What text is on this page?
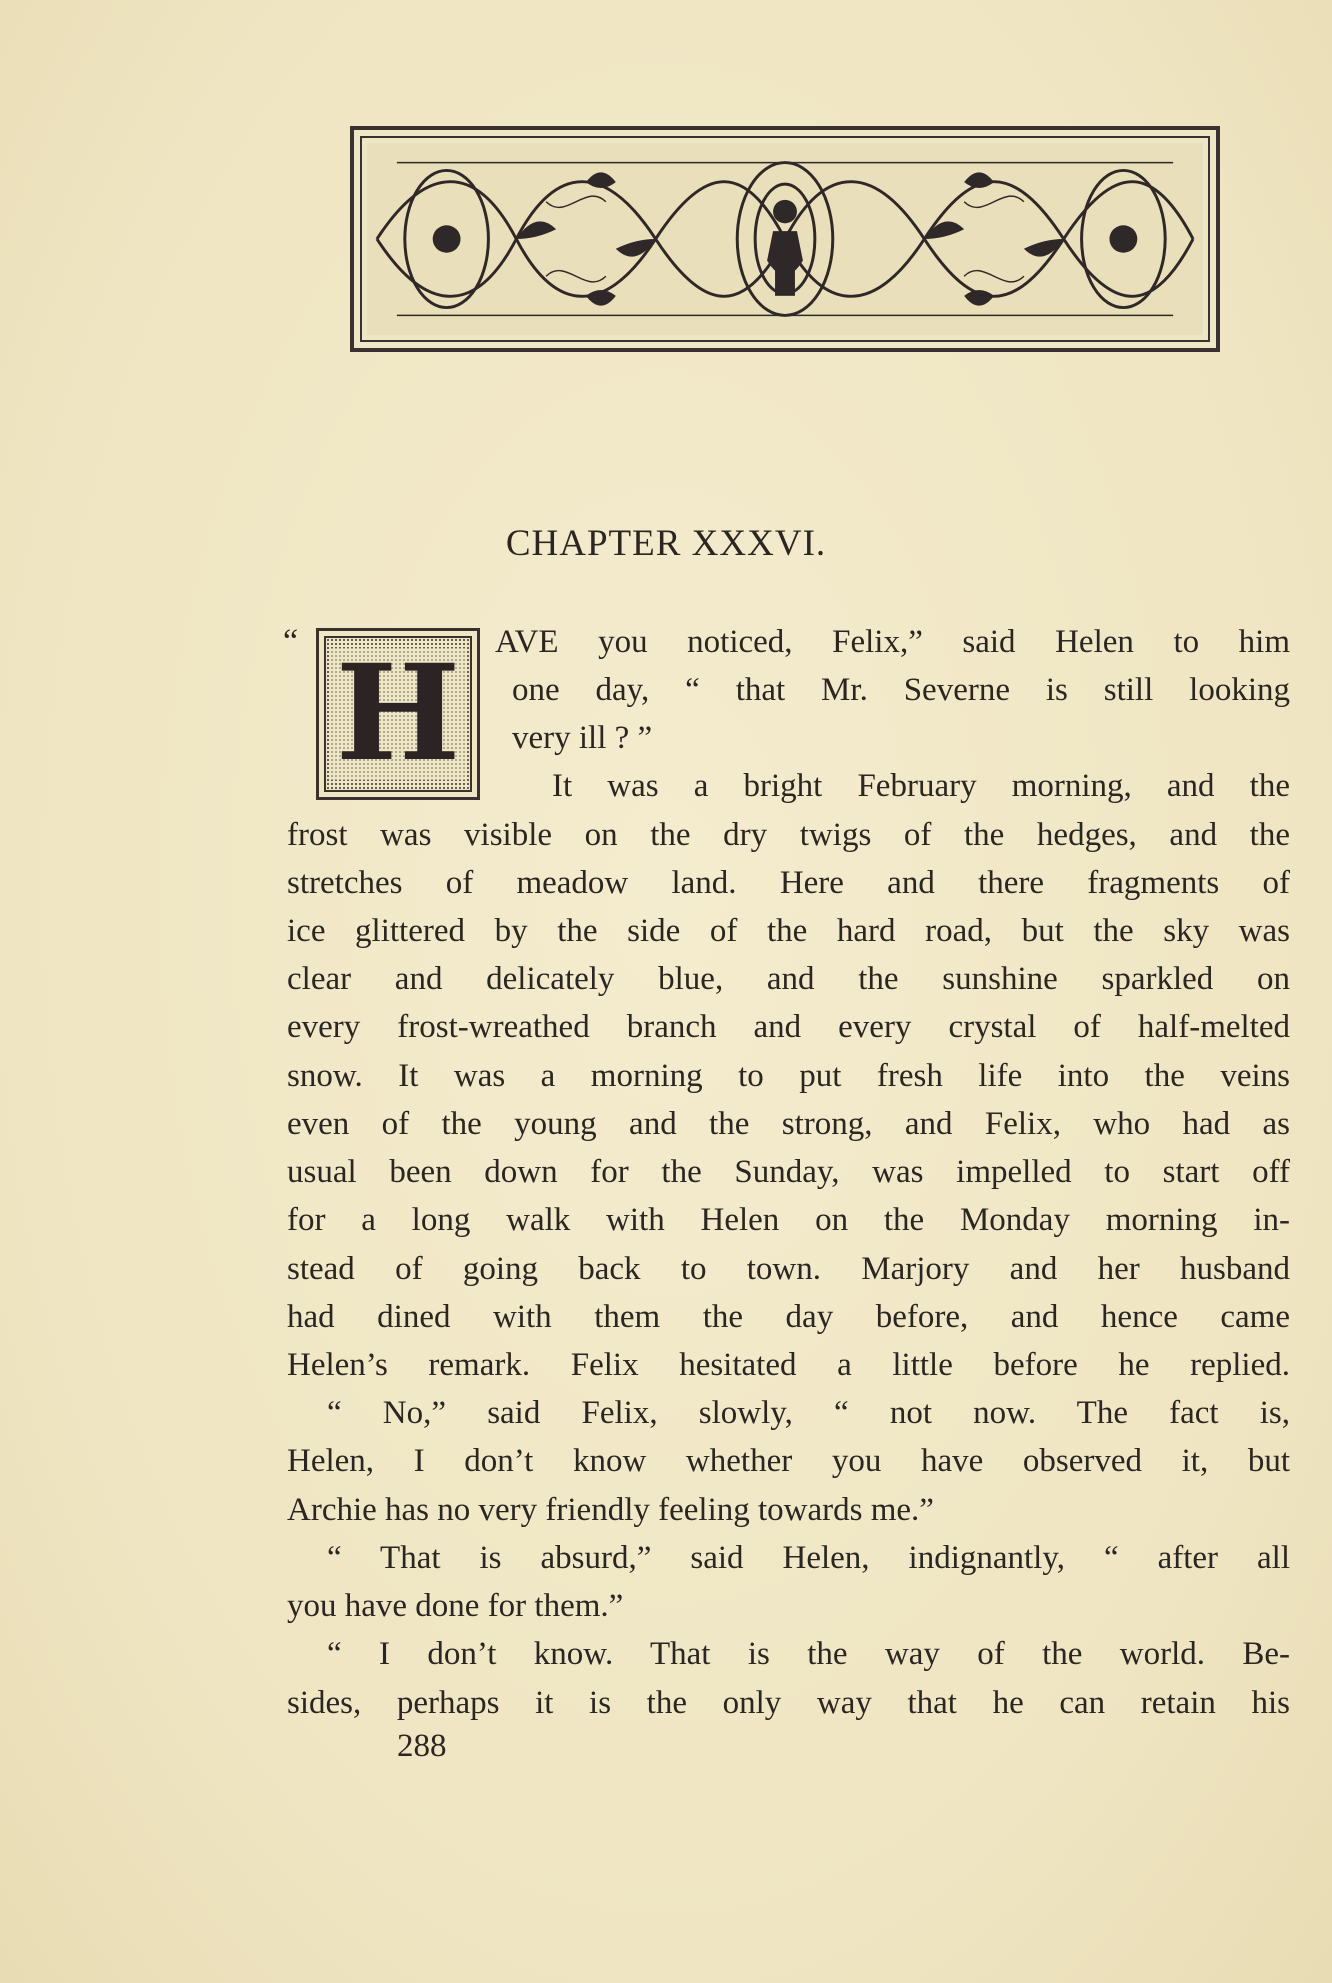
CHAPTER XXXVI.
“ H AVE you noticed, Felix,” said Helen to him
one day, “ that Mr. Severne is still looking
very ill ? ”
It was a bright February morning, and the
frost was visible on the dry twigs of the hedges, and the
stretches of meadow land. Here and there fragments of
ice glittered by the side of the hard road, but the sky was
clear and delicately blue, and the sunshine sparkled on
every frost-wreathed branch and every crystal of half-melted
snow. It was a morning to put fresh life into the veins
even of the young and the strong, and Felix, who had as
usual been down for the Sunday, was impelled to start off
for a long walk with Helen on the Monday morning in-
stead of going back to town. Marjory and her husband
had dined with them the day before, and hence came
Helen’s remark. Felix hesitated a little before he replied.
“ No,” said Felix, slowly, “ not now. The fact is,
Helen, I don’t know whether you have observed it, but
Archie has no very friendly feeling towards me.”
“ That is absurd,” said Helen, indignantly, “ after all
you have done for them.”
“ I don’t know. That is the way of the world. Be-
sides, perhaps it is the only way that he can retain his
288
